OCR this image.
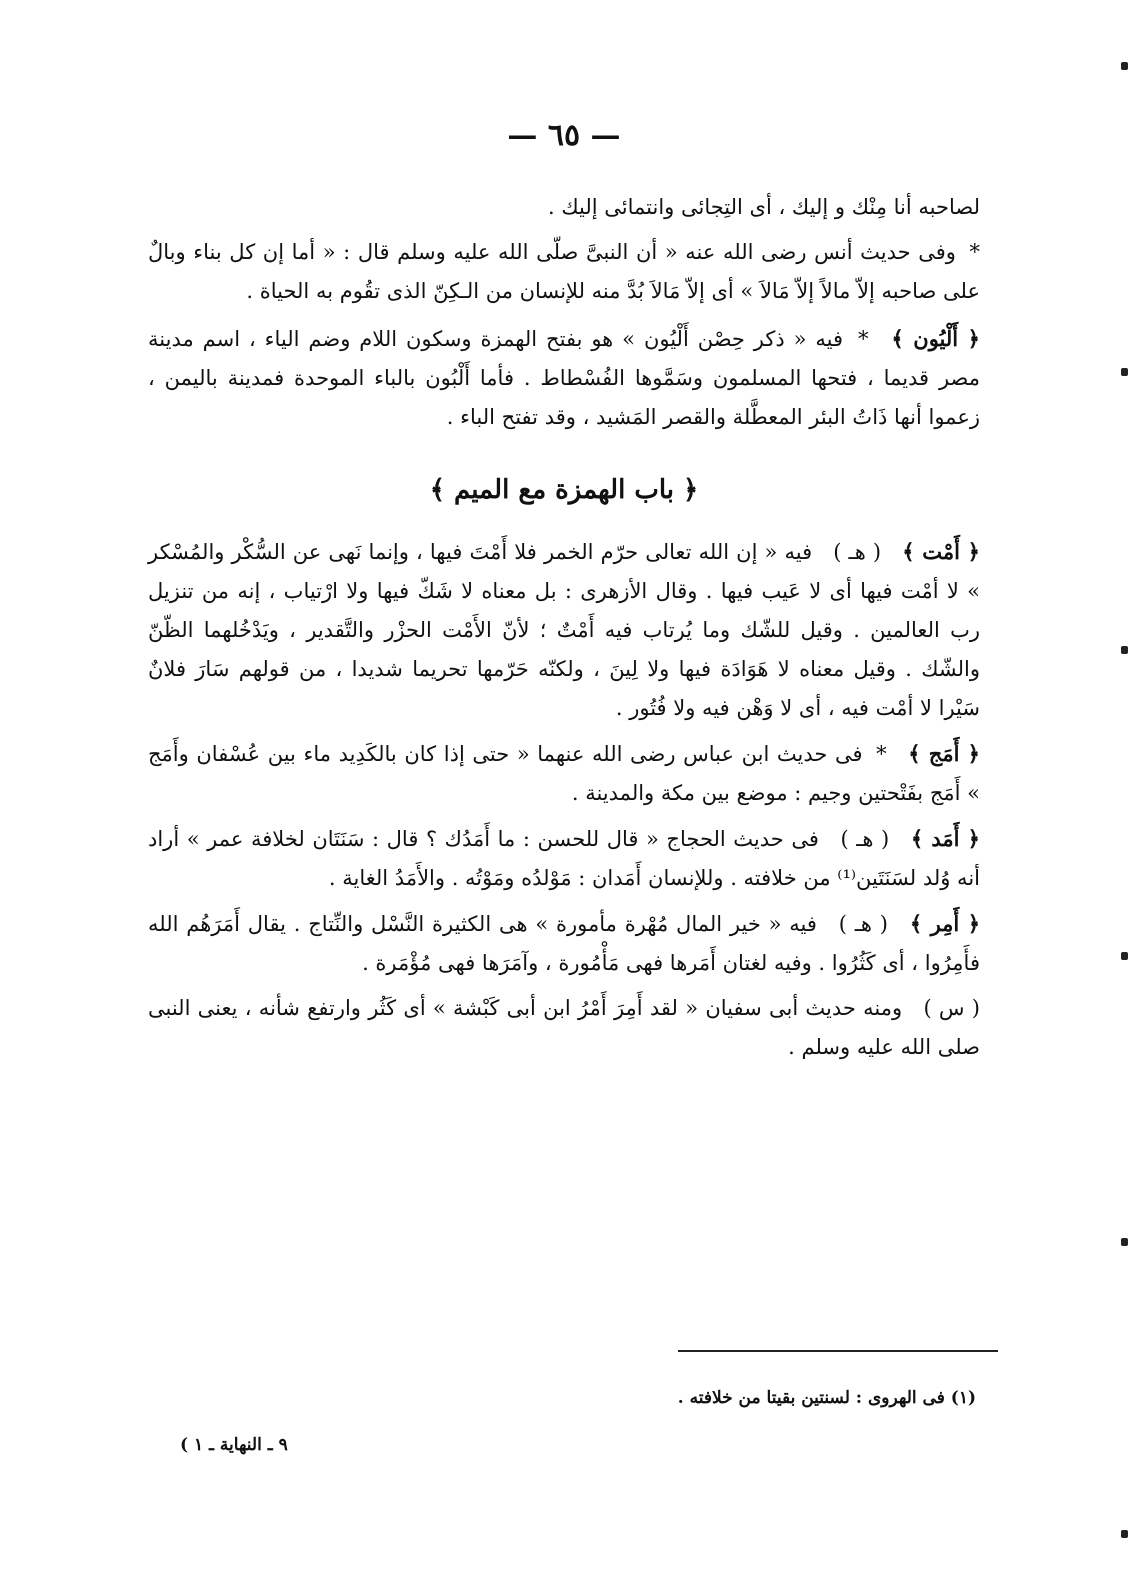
— ٦٥ —

لصاحبه أنا مِنْك و إليك ، أى التِجائى وانتمائى إليك .

* وفى حديث أنس رضى الله عنه « أن النبىَّ صلّى الله عليه وسلم قال : « أما إن كل بناء وبالٌ على صاحبه إلاّ مالاً إلاّ مَالاَ » أى إلاّ مَالاَ بُدَّ منه للإنسان من الـكِنّ الذى تقُوم به الحياة .

﴿ أَلْيُون ﴾ * فيه « ذكر حِصْن أَلْيُون » هو بفتح الهمزة وسكون اللام وضم الياء ، اسم مدينة مصر قديما ، فتحها المسلمون وسَمَّوها الفُسْطاط . فأما أَلْبُون بالباء الموحدة فمدينة باليمن ، زعموا أنها ذَاتُ البئر المعطَّلة والقصر المَشيد ، وقد تفتح الباء .

﴿ باب الهمزة مع الميم ﴾

﴿ أَمْت ﴾ ( هـ ) فيه « إن الله تعالى حرّم الخمر فلا أَمْتَ فيها ، وإنما نَهى عن السُّكْر والمُسْكر » لا أمْت فيها أى لا عَيب فيها . وقال الأزهرى : بل معناه لا شَكّ فيها ولا ارْتياب ، إنه من تنزيل رب العالمين . وقيل للشّك وما يُرتاب فيه أَمْتٌ ؛ لأنّ الأَمْت الحزْر والتَّقدير ، ويَدْخُلهما الظّنّ والشّك . وقيل معناه لا هَوَادَة فيها ولا لِينَ ، ولكنّه حَرّمها تحريما شديدا ، من قولهم سَارَ فلانٌ سَيْرا لا أمْت فيه ، أى لا وَهْن فيه ولا فُتُور .

﴿ أَمَج ﴾ * فى حديث ابن عباس رضى الله عنهما « حتى إذا كان بالكَدِيد ماء بين عُسْفان وأَمَج » أَمَج بفَتْحتين وجيم : موضع بين مكة والمدينة .

﴿ أَمَد ﴾ ( هـ ) فى حديث الحجاج « قال للحسن : ما أَمَدُك ؟ قال : سَنَتَان لخلافة عمر » أراد أنه وُلد لسَنَتَين⁽¹⁾ من خلافته . وللإنسان أَمَدان : مَوْلدُه ومَوْتُه . والأَمَدُ الغاية .

﴿ أَمِر ﴾ ( هـ ) فيه « خير المال مُهْرة مأمورة » هى الكثيرة النَّسْل والنِّتاج . يقال أَمَرَهُم الله فأَمِرُوا ، أى كَثُرُوا . وفيه لغتان أَمَرها فهى مَأْمُورة ، وآمَرَها فهى مُؤْمَرة .

( س ) ومنه حديث أبى سفيان « لقد أَمِرَ أَمْرُ ابن أبى كَبْشة » أى كَثُر وارتفع شأنه ، يعنى النبى صلى الله عليه وسلم .

(١) فى الهروى : لسنتين بقيتا من خلافته .
٩ ـ النهاية ـ ١ )
